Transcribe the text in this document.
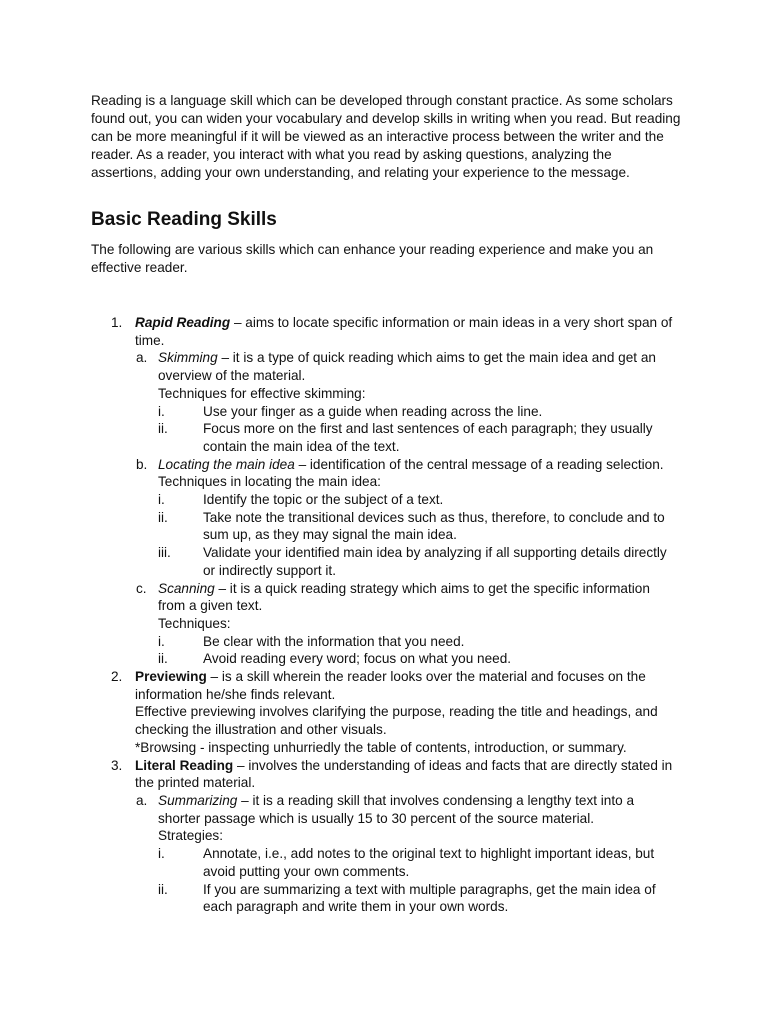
Reading is a language skill which can be developed through constant practice. As some scholars found out, you can widen your vocabulary and develop skills in writing when you read. But reading can be more meaningful if it will be viewed as an interactive process between the writer and the reader. As a reader, you interact with what you read by asking questions, analyzing the assertions, adding your own understanding, and relating your experience to the message.

Basic Reading Skills

The following are various skills which can enhance your reading experience and make you an effective reader.

1. Rapid Reading – aims to locate specific information or main ideas in a very short span of time.
a. Skimming – it is a type of quick reading which aims to get the main idea and get an overview of the material.
Techniques for effective skimming:
i.	Use your finger as a guide when reading across the line.
ii.	Focus more on the first and last sentences of each paragraph; they usually contain the main idea of the text.
b. Locating the main idea – identification of the central message of a reading selection.
Techniques in locating the main idea:
i.	Identify the topic or the subject of a text.
ii.	Take note the transitional devices such as thus, therefore, to conclude and to sum up, as they may signal the main idea.
iii. Validate your identified main idea by analyzing if all supporting details directly or indirectly support it.
c. Scanning – it is a quick reading strategy which aims to get the specific information from a given text.
Techniques:
i.	Be clear with the information that you need.
ii.	Avoid reading every word; focus on what you need.
2. Previewing – is a skill wherein the reader looks over the material and focuses on the information he/she finds relevant.
Effective previewing involves clarifying the purpose, reading the title and headings, and checking the illustration and other visuals.
*Browsing - inspecting unhurriedly the table of contents, introduction, or summary.
3. Literal Reading – involves the understanding of ideas and facts that are directly stated in the printed material.
a. Summarizing – it is a reading skill that involves condensing a lengthy text into a shorter passage which is usually 15 to 30 percent of the source material.
Strategies:
i.	Annotate, i.e., add notes to the original text to highlight important ideas, but avoid putting your own comments.
ii.	If you are summarizing a text with multiple paragraphs, get the main idea of each paragraph and write them in your own words.
